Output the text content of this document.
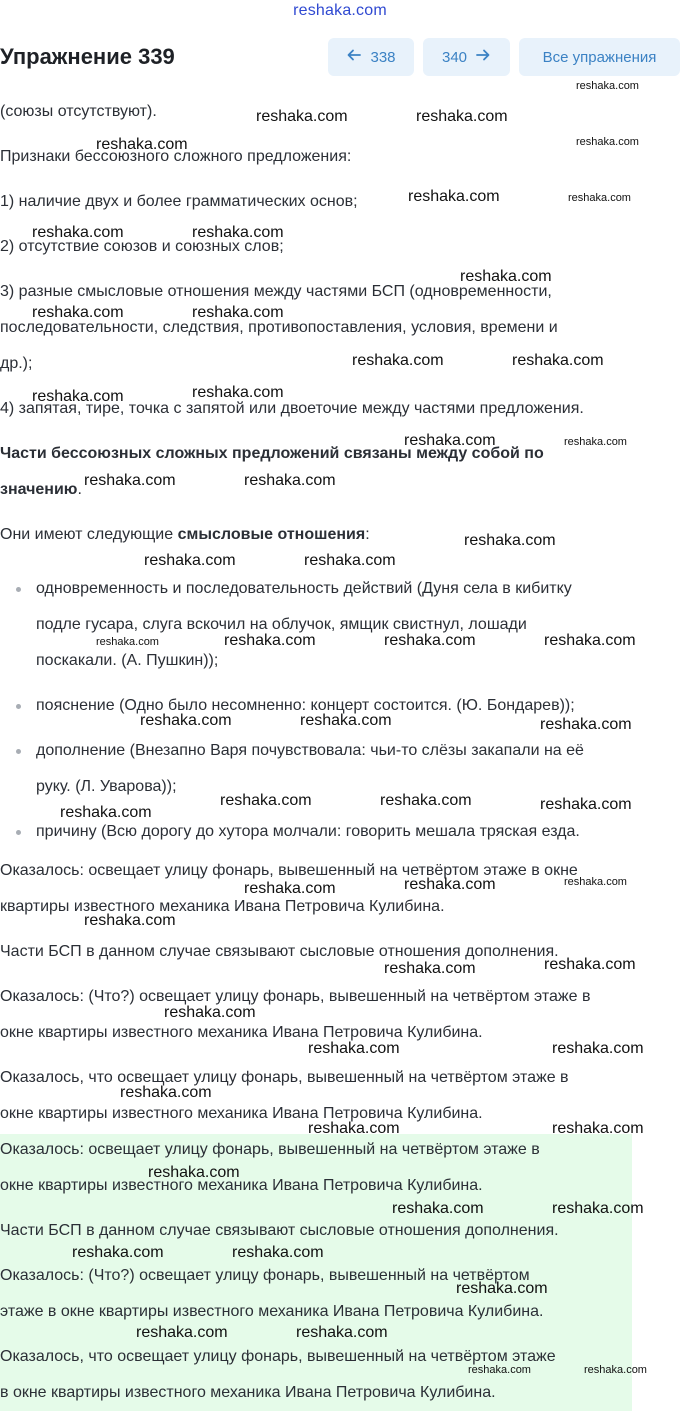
reshaka.com
Упражнение 339	338	340	Все упражнения
(союзы отсутствуют).
Признаки бессоюзного сложного предложения:
1) наличие двух и более грамматических основ;
2) отсутствие союзов и союзных слов;
3) разные смысловые отношения между частями БСП (одновременности,
последовательности, следствия, противопоставления, условия, времени и
др.);
4) запятая, тире, точка с запятой или двоеточие между частями предложения.
Части бессоюзных сложных предложений связаны между собой по
значению.
Они имеют следующие смысловые отношения:
одновременность и последовательность действий (Дуня села в кибитку
подле гусара, слуга вскочил на облучок, ямщик свистнул, лошади
поскакали. (А. Пушкин));
пояснение (Одно было несомненно: концерт состоится. (Ю. Бондарев));
дополнение (Внезапно Варя почувствовала: чьи-то слёзы закапали на её
руку. (Л. Уварова));
причину (Всю дорогу до хутора молчали: говорить мешала тряская езда.
Оказалось: освещает улицу фонарь, вывешенный на четвёртом этаже в окне
квартиры известного механика Ивана Петровича Кулибина.
Части БСП в данном случае связывают сысловые отношения дополнения.
Оказалось: (Что?) освещает улицу фонарь, вывешенный на четвёртом этаже в
окне квартиры известного механика Ивана Петровича Кулибина.
Оказалось, что освещает улицу фонарь, вывешенный на четвёртом этаже в
окне квартиры известного механика Ивана Петровича Кулибина.
Оказалось: освещает улицу фонарь, вывешенный на четвёртом этаже в
окне квартиры известного механика Ивана Петровича Кулибина.
Части БСП в данном случае связывают сысловые отношения дополнения.
Оказалось: (Что?) освещает улицу фонарь, вывешенный на четвёртом
этаже в окне квартиры известного механика Ивана Петровича Кулибина.
Оказалось, что освещает улицу фонарь, вывешенный на четвёртом этаже
в окне квартиры известного механика Ивана Петровича Кулибина.
reshaka.com
reshaka.com	reshaka.com
reshaka.com	reshaka.com
reshaka.com	reshaka.com
reshaka.com	reshaka.com
reshaka.com
reshaka.com	reshaka.com
reshaka.com	reshaka.com
reshaka.com	reshaka.com
reshaka.com	reshaka.com
reshaka.com	reshaka.com
reshaka.com
reshaka.com	reshaka.com
reshaka.com	reshaka.com	reshaka.com	reshaka.com
reshaka.com	reshaka.com	reshaka.com
reshaka.com	reshaka.com	reshaka.com
reshaka.com
reshaka.com	reshaka.com	reshaka.com
reshaka.com
reshaka.com	reshaka.com
reshaka.com
reshaka.com	reshaka.com
reshaka.com
reshaka.com	reshaka.com
reshaka.com
reshaka.com	reshaka.com
reshaka.com	reshaka.com
reshaka.com
reshaka.com	reshaka.com
reshaka.com	reshaka.com
